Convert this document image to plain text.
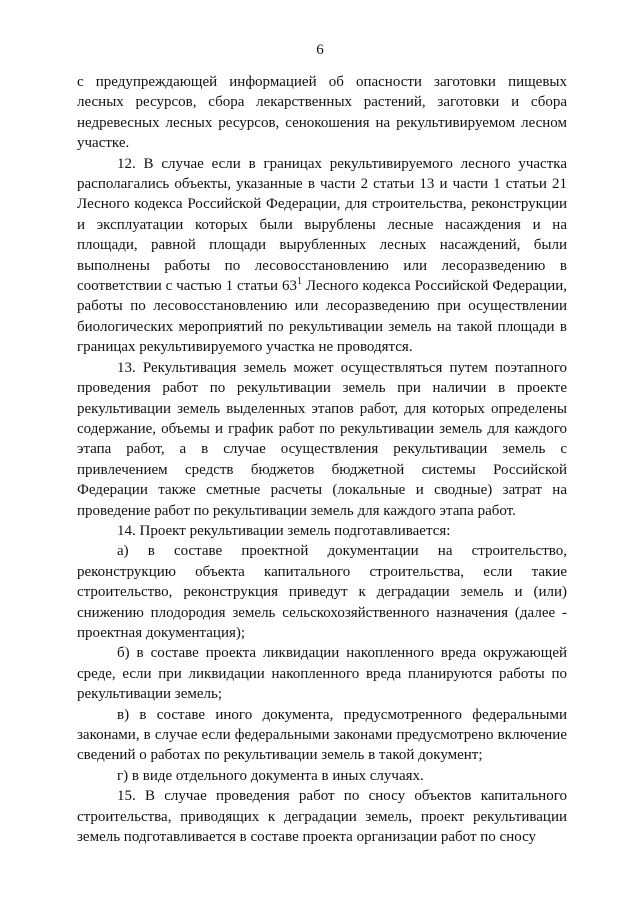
6

с предупреждающей информацией об опасности заготовки пищевых лесных ресурсов, сбора лекарственных растений, заготовки и сбора недревесных лесных ресурсов, сенокошения на рекультивируемом лесном участке.

12. В случае если в границах рекультивируемого лесного участка располагались объекты, указанные в части 2 статьи 13 и части 1 статьи 21 Лесного кодекса Российской Федерации, для строительства, реконструкции и эксплуатации которых были вырублены лесные насаждения и на площади, равной площади вырубленных лесных насаждений, были выполнены работы по лесовосстановлению или лесоразведению в соответствии с частью 1 статьи $63^1$ Лесного кодекса Российской Федерации, работы по лесовосстановлению или лесоразведению при осуществлении биологических мероприятий по рекультивации земель на такой площади в границах рекультивируемого участка не проводятся.

13. Рекультивация земель может осуществляться путем поэтапного проведения работ по рекультивации земель при наличии в проекте рекультивации земель выделенных этапов работ, для которых определены содержание, объемы и график работ по рекультивации земель для каждого этапа работ, а в случае осуществления рекультивации земель с привлечением средств бюджетов бюджетной системы Российской Федерации также сметные расчеты (локальные и сводные) затрат на проведение работ по рекультивации земель для каждого этапа работ.

14. Проект рекультивации земель подготавливается:

а) в составе проектной документации на строительство, реконструкцию объекта капитального строительства, если такие строительство, реконструкция приведут к деградации земель и (или) снижению плодородия земель сельскохозяйственного назначения (далее - проектная документация);

б) в составе проекта ликвидации накопленного вреда окружающей среде, если при ликвидации накопленного вреда планируются работы по рекультивации земель;

в) в составе иного документа, предусмотренного федеральными законами, в случае если федеральными законами предусмотрено включение сведений о работах по рекультивации земель в такой документ;

г) в виде отдельного документа в иных случаях.

15. В случае проведения работ по сносу объектов капитального строительства, приводящих к деградации земель, проект рекультивации земель подготавливается в составе проекта организации работ по сносу
